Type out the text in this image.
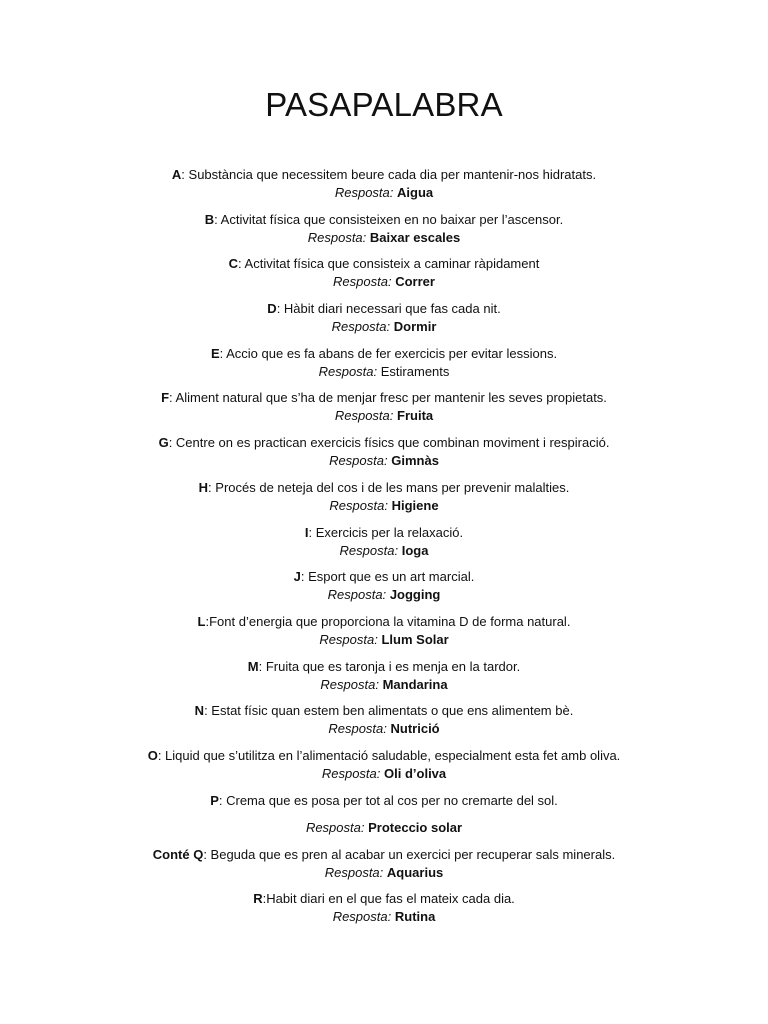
PASAPALABRA
A: Substància que necessitem beure cada dia per mantenir-nos hidratats.
Resposta: Aigua
B: Activitat física que consisteixen en no baixar per l’ascensor.
Resposta: Baixar escales
C: Activitat física que consisteix a caminar ràpidament
Resposta: Correr
D: Hàbit diari necessari que fas cada nit.
Resposta: Dormir
E: Accio que es fa abans de fer exercicis per evitar lessions.
Resposta: Estiraments
F: Aliment natural que s’ha de menjar fresc per mantenir les seves propietats.
Resposta: Fruita
G: Centre on es practican exercicis físics que combinan moviment i respiració.
Resposta: Gimnàs
H: Procés de neteja del cos i de les mans per prevenir malalties.
Resposta: Higiene
I: Exercicis per la relaxació.
Resposta: Ioga
J: Esport que es un art marcial.
Resposta: Jogging
L:Font d’energia que proporciona la vitamina D de forma natural.
Resposta: Llum Solar
M: Fruita que es taronja i es menja en la tardor.
Resposta: Mandarina
N: Estat físic quan estem ben alimentats o que ens alimentem bè.
Resposta: Nutrició
O: Liquid que s’utilitza en l’alimentació saludable, especialment esta fet amb oliva.
Resposta: Oli d’oliva
P: Crema que es posa per tot al cos per no cremarte del sol.
Resposta: Proteccio solar
Conté Q: Beguda que es pren al acabar un exercici per recuperar sals minerals.
Resposta: Aquarius
R:Habit diari en el que fas el mateix cada dia.
Resposta: Rutina
